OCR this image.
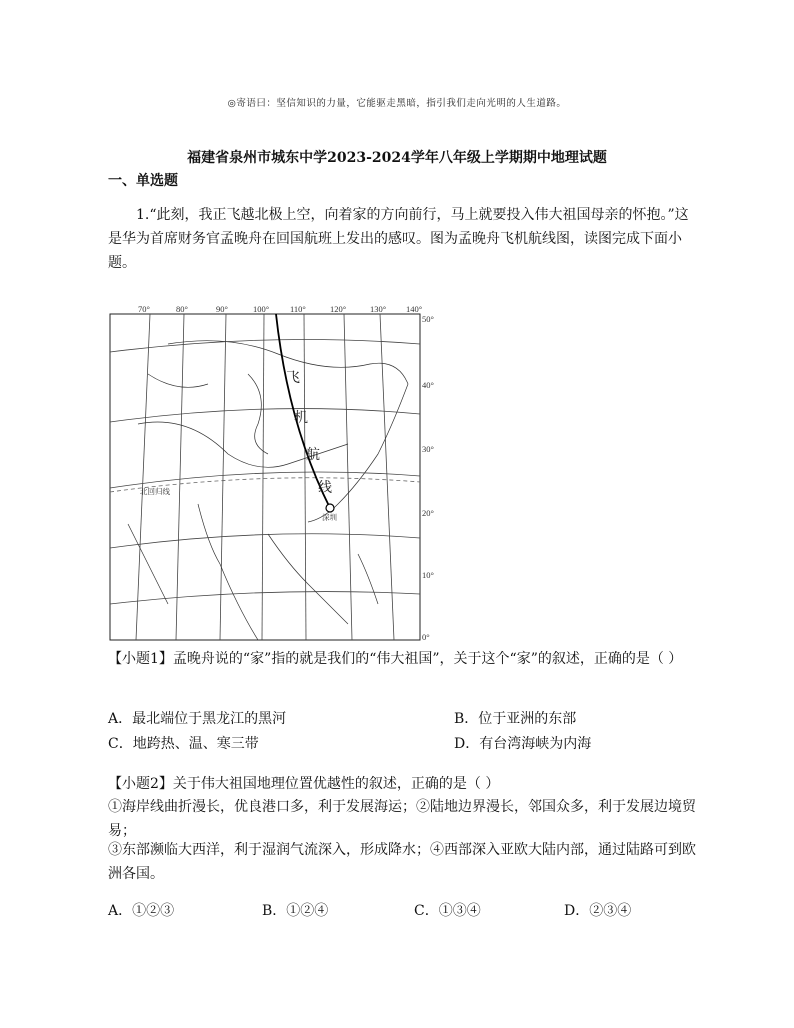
◎寄语曰：坚信知识的力量，它能驱走黑暗，指引我们走向光明的人生道路。
福建省泉州市城东中学2023-2024学年八年级上学期期中地理试题
一、单选题
1.“此刻，我正飞越北极上空，向着家的方向前行，马上就要投入伟大祖国母亲的怀抱。”这是华为首席财务官孟晚舟在回国航班上发出的感叹。图为孟晚舟飞机航线图，读图完成下面小题。
飞
机
航
线
北回归线
深圳
70°	80°	90°	100° 110°	120°	130° 140°
50°
40°
30°
20°
10°
0°
【小题1】孟晚舟说的“家”指的就是我们的“伟大祖国”，关于这个“家”的叙述，正确的是（ ）
A．最北端位于黑龙江的黑河	B．位于亚洲的东部
C．地跨热、温、寒三带	D．有台湾海峡为内海
【小题2】关于伟大祖国地理位置优越性的叙述，正确的是（ ）
①海岸线曲折漫长，优良港口多，利于发展海运；②陆地边界漫长，邻国众多，利于发展边境贸易；
③东部濒临大西洋，利于湿润气流深入，形成降水；④西部深入亚欧大陆内部，通过陆路可到欧洲各国。
A．①②③	B．①②④	C．①③④	D．②③④
